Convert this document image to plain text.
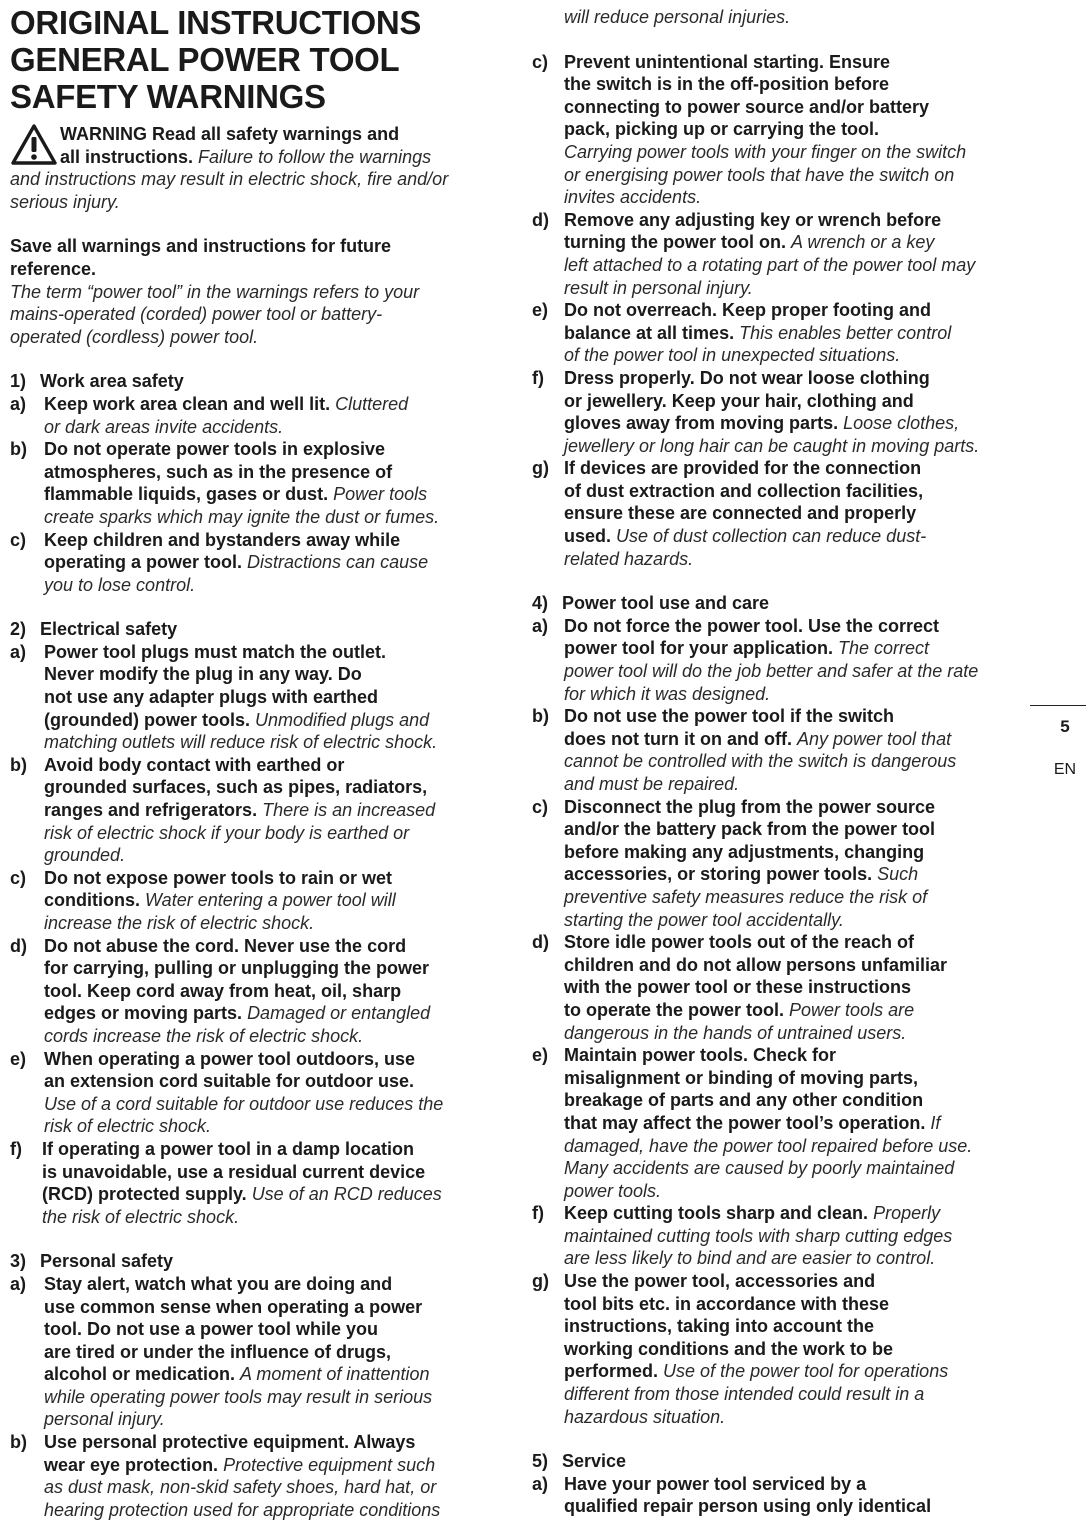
ORIGINAL INSTRUCTIONS
GENERAL POWER TOOL
SAFETY WARNINGS
WARNING Read all safety warnings and
all instructions. Failure to follow the warnings
and instructions may result in electric shock, fire and/or
serious injury.
Save all warnings and instructions for future
reference.
The term “power tool” in the warnings refers to your
mains-operated (corded) power tool or battery-
operated (cordless) power tool.
1) Work area safety
a) Keep work area clean and well lit. Cluttered
or dark areas invite accidents.
b) Do not operate power tools in explosive
atmospheres, such as in the presence of
flammable liquids, gases or dust. Power tools
create sparks which may ignite the dust or fumes.
c) Keep children and bystanders away while
operating a power tool. Distractions can cause
you to lose control.
2) Electrical safety
a) Power tool plugs must match the outlet.
Never modify the plug in any way. Do
not use any adapter plugs with earthed
(grounded) power tools. Unmodified plugs and
matching outlets will reduce risk of electric shock.
b) Avoid body contact with earthed or
grounded surfaces, such as pipes, radiators,
ranges and refrigerators. There is an increased
risk of electric shock if your body is earthed or
grounded.
c) Do not expose power tools to rain or wet
conditions. Water entering a power tool will
increase the risk of electric shock.
d) Do not abuse the cord. Never use the cord
for carrying, pulling or unplugging the power
tool. Keep cord away from heat, oil, sharp
edges or moving parts. Damaged or entangled
cords increase the risk of electric shock.
e) When operating a power tool outdoors, use
an extension cord suitable for outdoor use.
Use of a cord suitable for outdoor use reduces the
risk of electric shock.
f) If operating a power tool in a damp location
is unavoidable, use a residual current device
(RCD) protected supply. Use of an RCD reduces
the risk of electric shock.
3) Personal safety
a) Stay alert, watch what you are doing and
use common sense when operating a power
tool. Do not use a power tool while you
are tired or under the influence of drugs,
alcohol or medication. A moment of inattention
while operating power tools may result in serious
personal injury.
b) Use personal protective equipment. Always
wear eye protection. Protective equipment such
as dust mask, non-skid safety shoes, hard hat, or
hearing protection used for appropriate conditions
will reduce personal injuries.
c) Prevent unintentional starting. Ensure
the switch is in the off-position before
connecting to power source and/or battery
pack, picking up or carrying the tool.
Carrying power tools with your finger on the switch
or energising power tools that have the switch on
invites accidents.
d) Remove any adjusting key or wrench before
turning the power tool on. A wrench or a key
left attached to a rotating part of the power tool may
result in personal injury.
e) Do not overreach. Keep proper footing and
balance at all times. This enables better control
of the power tool in unexpected situations.
f) Dress properly. Do not wear loose clothing
or jewellery. Keep your hair, clothing and
gloves away from moving parts. Loose clothes,
jewellery or long hair can be caught in moving parts.
g) If devices are provided for the connection
of dust extraction and collection facilities,
ensure these are connected and properly
used. Use of dust collection can reduce dust-
related hazards.
4) Power tool use and care
a) Do not force the power tool. Use the correct
power tool for your application. The correct
power tool will do the job better and safer at the rate
for which it was designed.
b) Do not use the power tool if the switch
does not turn it on and off. Any power tool that
cannot be controlled with the switch is dangerous
and must be repaired.
c) Disconnect the plug from the power source
and/or the battery pack from the power tool
before making any adjustments, changing
accessories, or storing power tools. Such
preventive safety measures reduce the risk of
starting the power tool accidentally.
d) Store idle power tools out of the reach of
children and do not allow persons unfamiliar
with the power tool or these instructions
to operate the power tool. Power tools are
dangerous in the hands of untrained users.
e) Maintain power tools. Check for
misalignment or binding of moving parts,
breakage of parts and any other condition
that may affect the power tool’s operation. If
damaged, have the power tool repaired before use.
Many accidents are caused by poorly maintained
power tools.
f) Keep cutting tools sharp and clean. Properly
maintained cutting tools with sharp cutting edges
are less likely to bind and are easier to control.
g) Use the power tool, accessories and
tool bits etc. in accordance with these
instructions, taking into account the
working conditions and the work to be
performed. Use of the power tool for operations
different from those intended could result in a
hazardous situation.
5) Service
a) Have your power tool serviced by a
qualified repair person using only identical
5
EN
